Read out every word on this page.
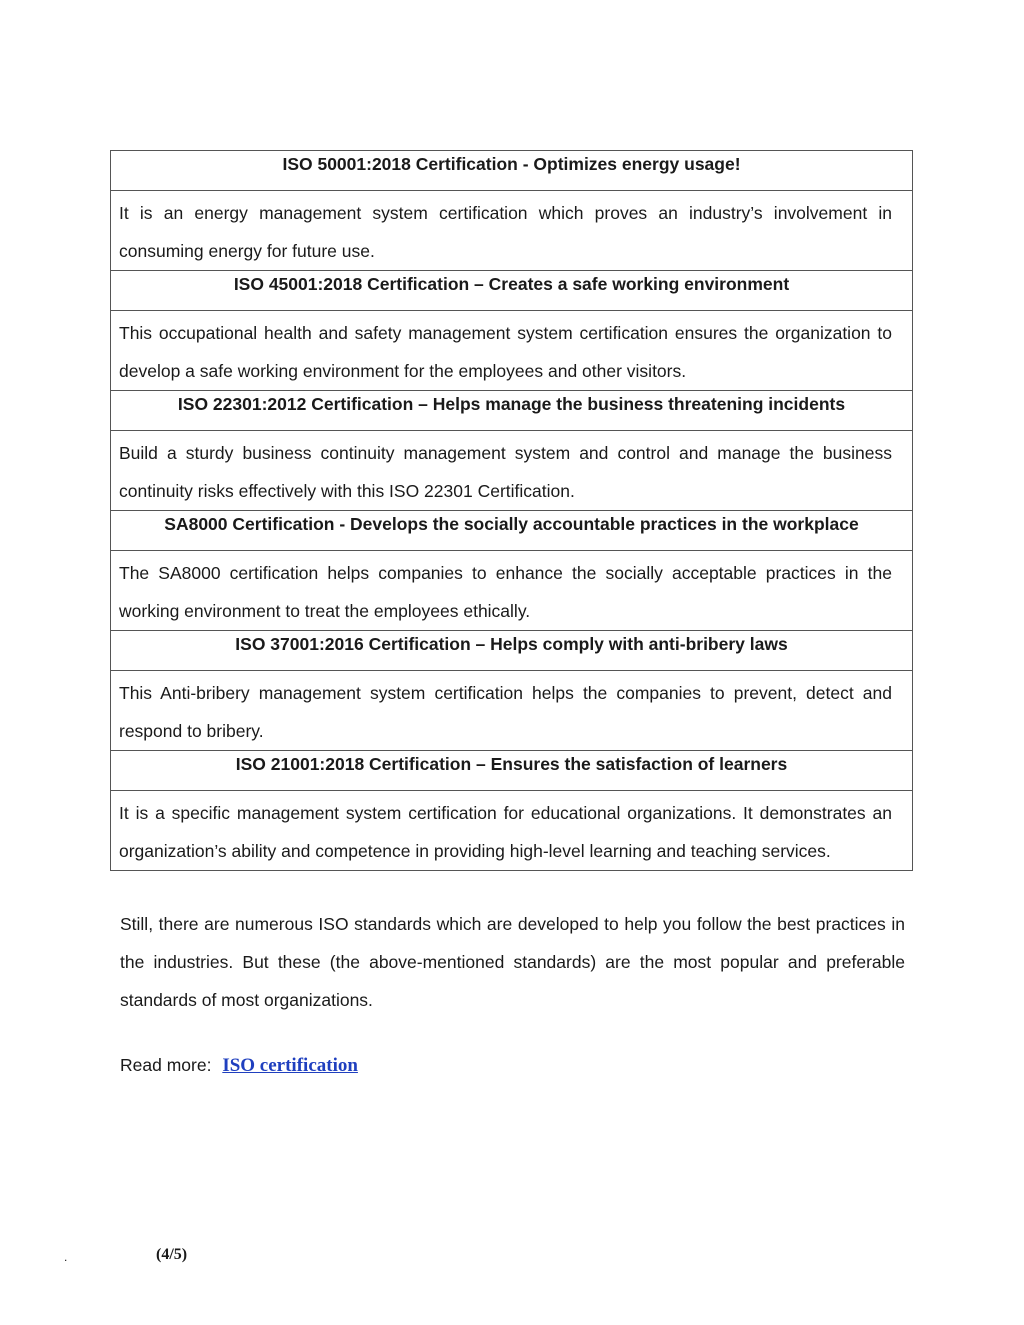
ISO 50001:2018 Certification - Optimizes energy usage!
It is an energy management system certification which proves an industry’s involvement in consuming energy for future use.
ISO 45001:2018 Certification – Creates a safe working environment
This occupational health and safety management system certification ensures the organization to develop a safe working environment for the employees and other visitors.
ISO 22301:2012 Certification – Helps manage the business threatening incidents
Build a sturdy business continuity management system and control and manage the business continuity risks effectively with this ISO 22301 Certification.
SA8000 Certification - Develops the socially accountable practices in the workplace
The SA8000 certification helps companies to enhance the socially acceptable practices in the working environment to treat the employees ethically.
ISO 37001:2016 Certification – Helps comply with anti-bribery laws
This Anti-bribery management system certification helps the companies to prevent, detect and respond to bribery.
ISO 21001:2018 Certification – Ensures the satisfaction of learners
It is a specific management system certification for educational organizations. It demonstrates an organization’s ability and competence in providing high-level learning and teaching services.

Still, there are numerous ISO standards which are developed to help you follow the best practices in the industries. But these (the above-mentioned standards) are the most popular and preferable standards of most organizations.

Read more: ISO certification

.	(4/5)
